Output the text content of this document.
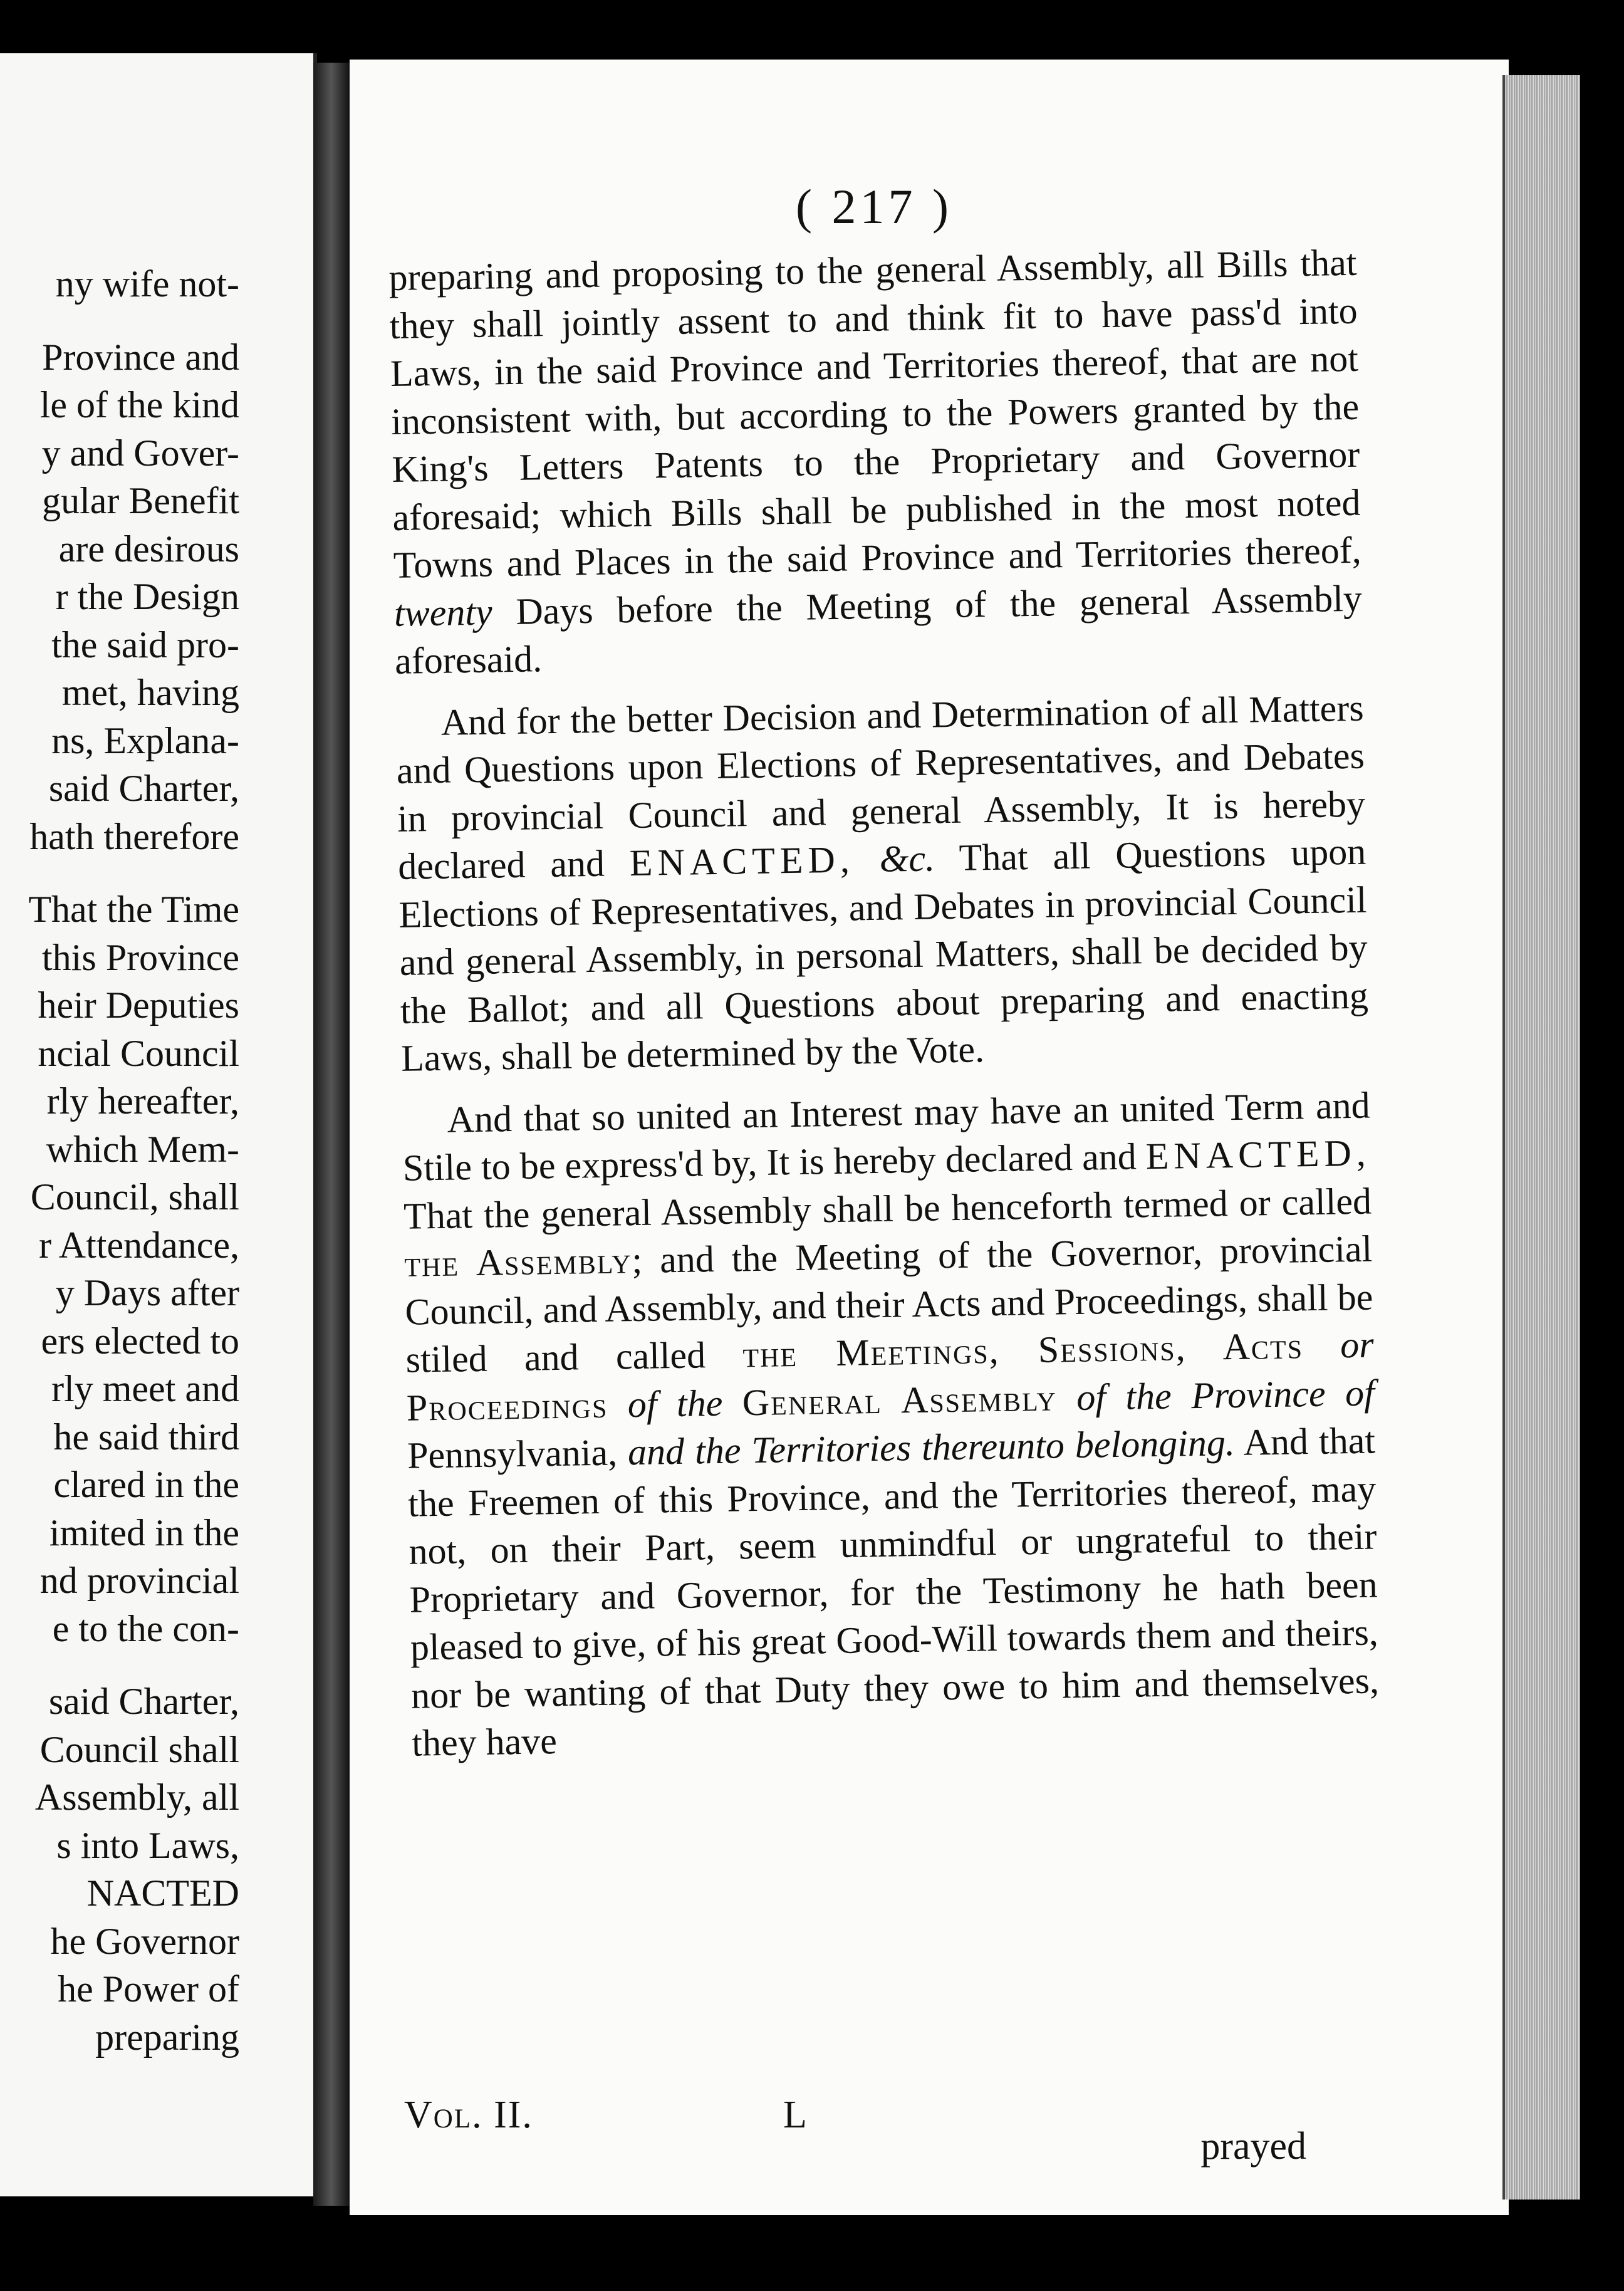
ny wife not-
Province and
le of the kind
y and Gover-
gular Benefit
are desirous
r the Design
the said pro-
met, having
ns, Explana-
said Charter,
hath therefore
That the Time
this Province
heir Deputies
ncial Council
rly hereafter,
which Mem-
Council, shall
r Attendance,
y Days after
ers elected to
rly meet and
he said third
clared in the
imited in the
nd provincial
e to the con-
said Charter,
Council shall
Assembly, all
s into Laws,
NACTED
he Governor
he Power of
preparing
( 217 )

preparing and proposing to the general Assembly, all Bills that they shall jointly assent to and think fit to have pass'd into Laws, in the said Province and Territories thereof, that are not inconsistent with, but according to the Powers granted by the King's Letters Patents to the Proprietary and Governor aforesaid; which Bills shall be published in the most noted Towns and Places in the said Province and Territories thereof, twenty Days before the Meeting of the general Assembly aforesaid.

And for the better Decision and Determination of all Matters and Questions upon Elections of Representatives, and Debates in provincial Council and general Assembly, It is hereby declared and ENACTED, &c. That all Questions upon Elections of Representatives, and Debates in provincial Council and general Assembly, in personal Matters, shall be decided by the Ballot; and all Questions about preparing and enacting Laws, shall be determined by the Vote.

And that so united an Interest may have an united Term and Stile to be express'd by, It is hereby declared and ENACTED, That the general Assembly shall be henceforth termed or called the Assembly; and the Meeting of the Governor, provincial Council, and Assembly, and their Acts and Proceedings, shall be stiled and called the Meetings, Sessions, Acts or Proceedings of the General Assembly of the Province of Pennsylvania, and the Territories thereunto belonging. And that the Freemen of this Province, and the Territories thereof, may not, on their Part, seem unmindful or ungrateful to their Proprietary and Governor, for the Testimony he hath been pleased to give, of his great Good-Will towards them and theirs, nor be wanting of that Duty they owe to him and themselves, they have

Vol. II.	L
prayed
